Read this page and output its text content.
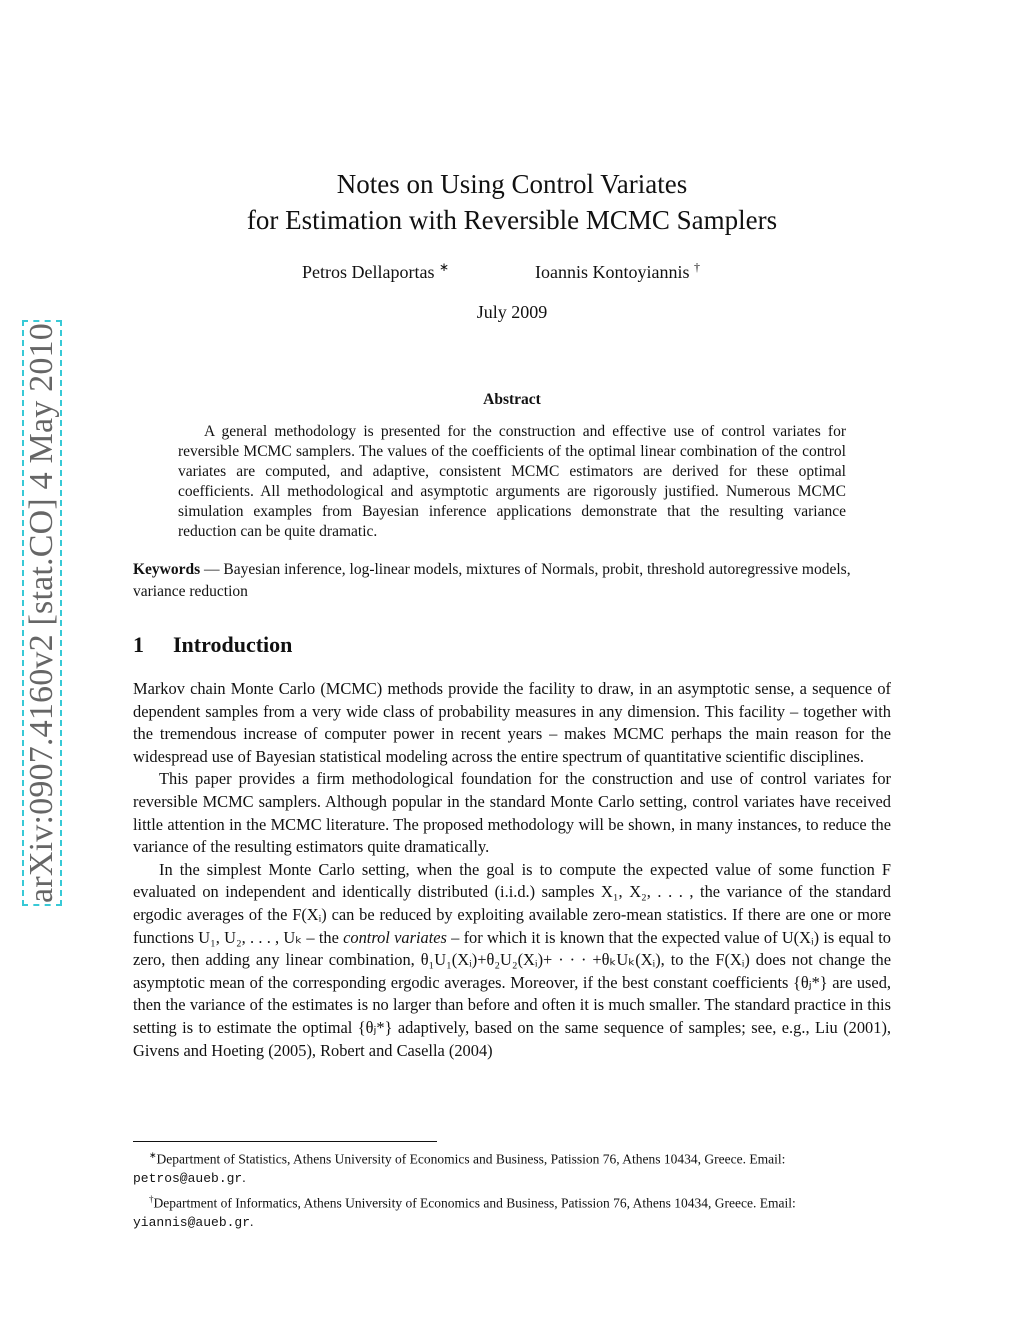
arXiv:0907.4160v2 [stat.CO] 4 May 2010
Notes on Using Control Variates
for Estimation with Reversible MCMC Samplers
Petros Dellaportas ∗	Ioannis Kontoyiannis †
July 2009
Abstract
A general methodology is presented for the construction and effective use of control variates for reversible MCMC samplers. The values of the coefficients of the optimal linear combination of the control variates are computed, and adaptive, consistent MCMC estimators are derived for these optimal coefficients. All methodological and asymptotic arguments are rigorously justified. Numerous MCMC simulation examples from Bayesian inference applications demonstrate that the resulting variance reduction can be quite dramatic.
Keywords — Bayesian inference, log-linear models, mixtures of Normals, probit, threshold autoregressive models, variance reduction
1 Introduction

Markov chain Monte Carlo (MCMC) methods provide the facility to draw, in an asymptotic sense, a sequence of dependent samples from a very wide class of probability measures in any dimension. This facility – together with the tremendous increase of computer power in recent years – makes MCMC perhaps the main reason for the widespread use of Bayesian statistical modeling across the entire spectrum of quantitative scientific disciplines.

This paper provides a firm methodological foundation for the construction and use of control variates for reversible MCMC samplers. Although popular in the standard Monte Carlo setting, control variates have received little attention in the MCMC literature. The proposed methodology will be shown, in many instances, to reduce the variance of the resulting estimators quite dramatically.

In the simplest Monte Carlo setting, when the goal is to compute the expected value of some function F evaluated on independent and identically distributed (i.i.d.) samples X₁, X₂, . . . , the variance of the standard ergodic averages of the F(Xᵢ) can be reduced by exploiting available zero-mean statistics. If there are one or more functions U₁, U₂, . . . , Uₖ – the control variates – for which it is known that the expected value of U(Xᵢ) is equal to zero, then adding any linear combination, θ₁U₁(Xᵢ)+θ₂U₂(Xᵢ)+ · · · +θₖUₖ(Xᵢ), to the F(Xᵢ) does not change the asymptotic mean of the corresponding ergodic averages. Moreover, if the best constant coefficients {θⱼ*} are used, then the variance of the estimates is no larger than before and often it is much smaller. The standard practice in this setting is to estimate the optimal {θⱼ*} adaptively, based on the same sequence of samples; see, e.g., Liu (2001), Givens and Hoeting (2005), Robert and Casella (2004)

∗Department of Statistics, Athens University of Economics and Business, Patission 76, Athens 10434, Greece. Email: petros@aueb.gr.

†Department of Informatics, Athens University of Economics and Business, Patission 76, Athens 10434, Greece. Email: yiannis@aueb.gr.
